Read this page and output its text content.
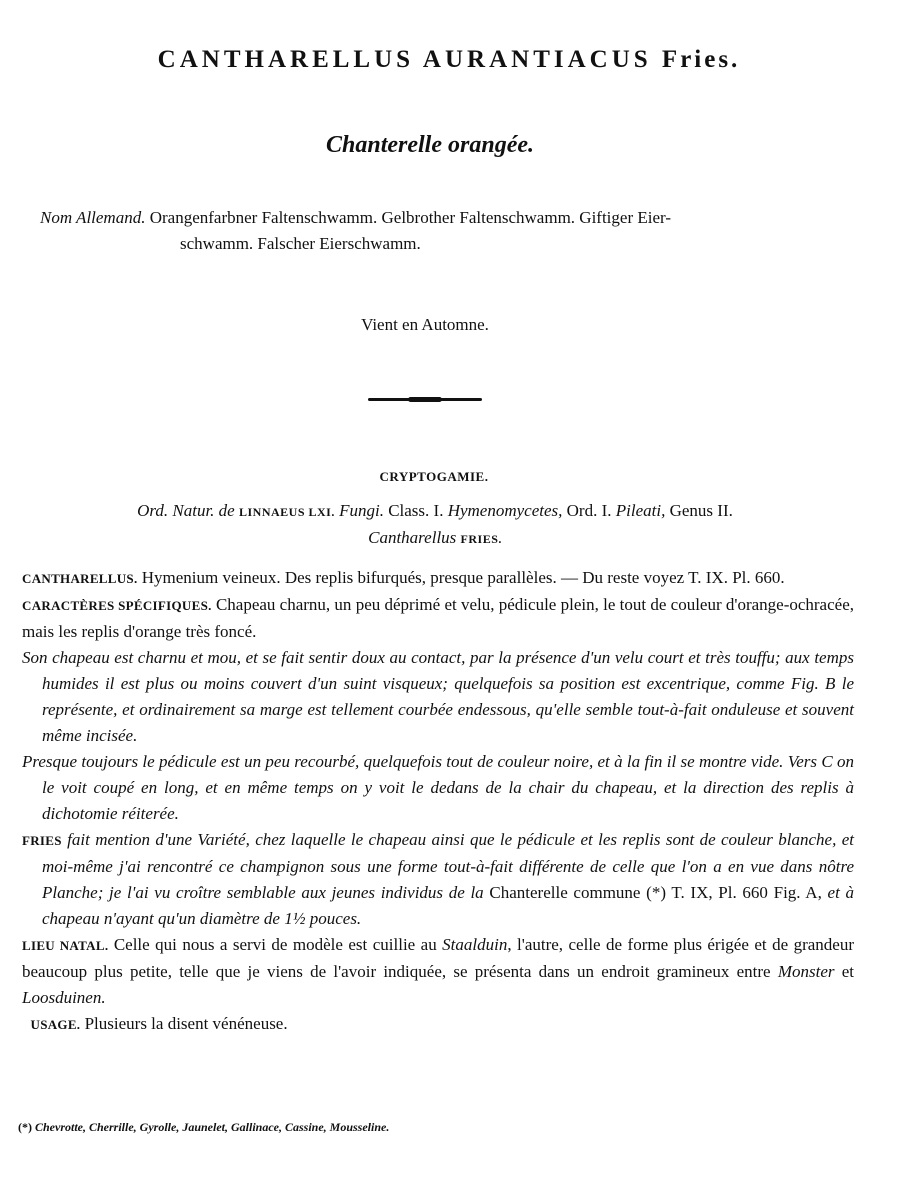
CANTHARELLUS AURANTIACUS Fries.
Chanterelle orangée.
Nom Allemand. Orangenfarbner Faltenschwamm. Gelbrother Faltenschwamm. Giftiger Eier-
schwamm. Falscher Eierschwamm.
Vient en Automne.
CRYPTOGAMIE.
Ord. Natur. de LINNAEUS LXI. Fungi. Class. I. Hymenomycetes, Ord. I. Pileati, Genus II.
Cantharellus FRIES.

CANTHARELLUS. Hymenium veineux. Des replis bifurqués, presque parallèles. — Du reste voyez T. IX. Pl. 660.

CARACTÈRES SPÉCIFIQUES. Chapeau charnu, un peu déprimé et velu, pédicule plein, le tout de couleur d'orange-ochracée, mais les replis d'orange très foncé.

Son chapeau est charnu et mou, et se fait sentir doux au contact, par la présence d'un velu court et très touffu; aux temps humides il est plus ou moins couvert d'un suint visqueux; quelquefois sa position est excentrique, comme Fig. B le représente, et ordinairement sa marge est tellement courbée endessous, qu'elle semble tout-à-fait onduleuse et souvent même incisée.

Presque toujours le pédicule est un peu recourbé, quelquefois tout de couleur noire, et à la fin il se montre vide. Vers C on le voit coupé en long, et en même temps on y voit le dedans de la chair du chapeau, et la direction des replis à dichotomie réiterée.

FRIES fait mention d'une Variété, chez laquelle le chapeau ainsi que le pédicule et les replis sont de couleur blanche, et moi-même j'ai rencontré ce champignon sous une forme tout-à-fait différente de celle que l'on a en vue dans nôtre Planche; je l'ai vu croître semblable aux jeunes individus de la Chanterelle commune (*) T. IX, Pl. 660 Fig. A, et à chapeau n'ayant qu'un diamètre de 1½ pouces.

LIEU NATAL. Celle qui nous a servi de modèle est cuillie au Staalduin, l'autre, celle de forme plus érigée et de grandeur beaucoup plus petite, telle que je viens de l'avoir indiquée, se présenta dans un endroit gramineux entre Monster et Loosduinen.

USAGE. Plusieurs la disent vénéneuse.

(*) Chevrotte, Cherrille, Gyrolle, Jaunelet, Gallinace, Cassine, Mousseline.
